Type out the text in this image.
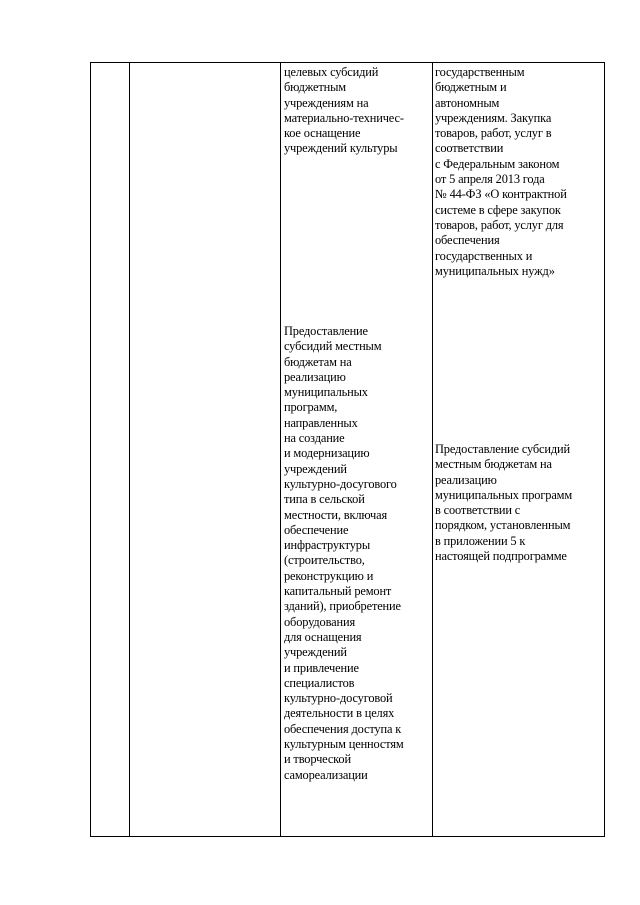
целевых субсидий
бюджетным
учреждениям на
материально-техничес-
кое оснащение
учреждений культуры
государственным
бюджетным и
автономным
учреждениям. Закупка
товаров, работ, услуг в
соответствии
с Федеральным законом
от 5 апреля 2013 года
№ 44-ФЗ «О контрактной
системе в сфере закупок
товаров, работ, услуг для
обеспечения
государственных и
муниципальных нужд»
Предоставление
субсидий местным
бюджетам на
реализацию
муниципальных
программ,
направленных
на создание
и модернизацию
учреждений
культурно-досугового
типа в сельской
местности, включая
обеспечение
инфраструктуры
(строительство,
реконструкцию и
капитальный ремонт
зданий), приобретение
оборудования
для оснащения
учреждений
и привлечение
специалистов
культурно-досуговой
деятельности в целях
обеспечения доступа к
культурным ценностям
и творческой
самореализации
Предоставление субсидий
местным бюджетам на
реализацию
муниципальных программ
в соответствии с
порядком, установленным
в приложении 5 к
настоящей подпрограмме
